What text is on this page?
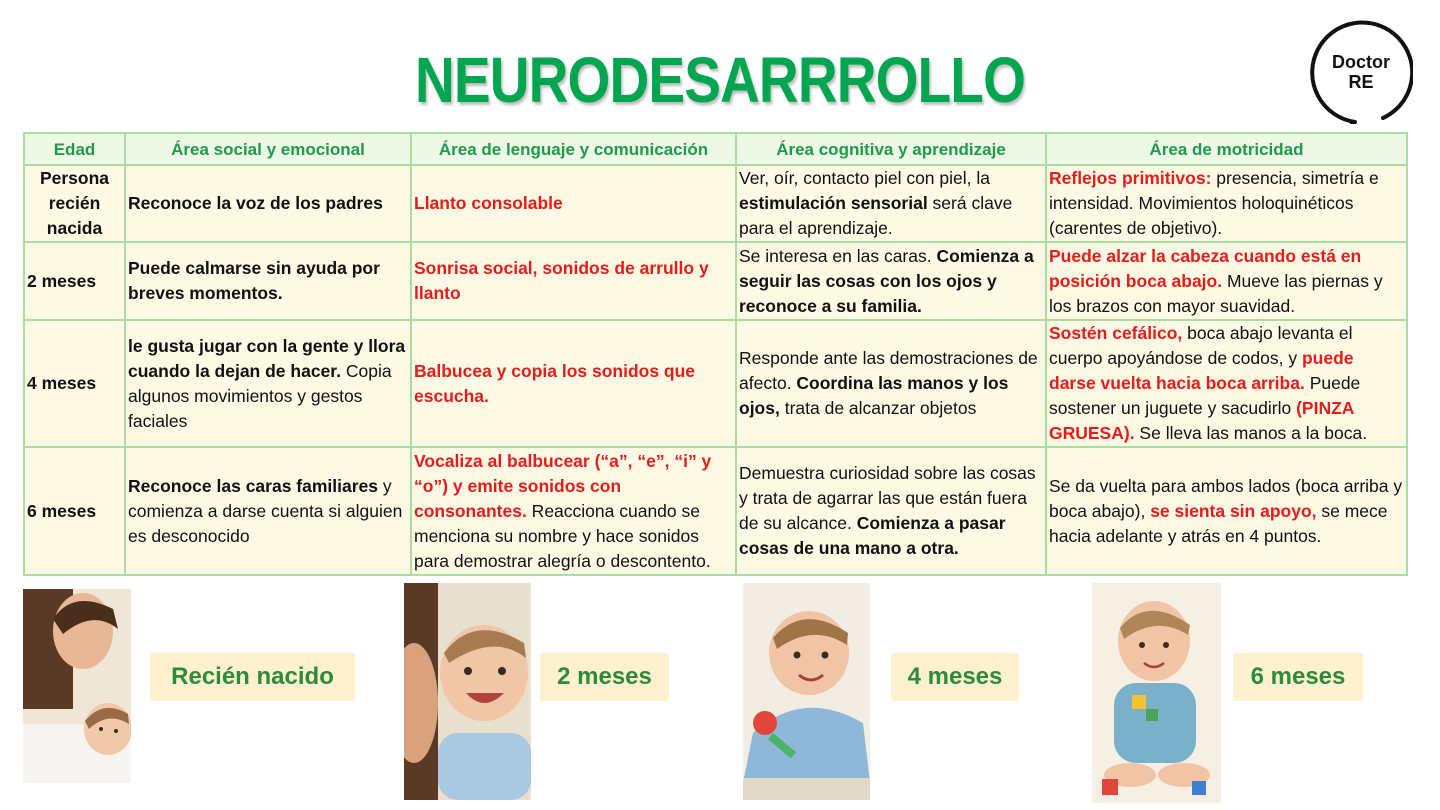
NEURODESARRROLLO	Doctor
RE
Edad	Área social y emocional	Área de lenguaje y comunicación	Área cognitiva y aprendizaje	Área de motricidad
Persona recién nacida	Reconoce la voz de los padres	Llanto consolable	Ver, oír, contacto piel con piel, la estimulación sensorial será clave para el aprendizaje.	Reflejos primitivos: presencia, simetría e intensidad. Movimientos holoquinéticos (carentes de objetivo).
2 meses	Puede calmarse sin ayuda por breves momentos.	Sonrisa social, sonidos de arrullo y llanto	Se interesa en las caras. Comienza a seguir las cosas con los ojos y reconoce a su familia.	Puede alzar la cabeza cuando está en posición boca abajo. Mueve las piernas y los brazos con mayor suavidad.
4 meses	le gusta jugar con la gente y llora cuando la dejan de hacer. Copia algunos movimientos y gestos faciales	Balbucea y copia los sonidos que escucha.	Responde ante las demostraciones de afecto. Coordina las manos y los ojos, trata de alcanzar objetos	Sostén cefálico, boca abajo levanta el cuerpo apoyándose de codos, y puede darse vuelta hacia boca arriba. Puede sostener un juguete y sacudirlo (PINZA GRUESA). Se lleva las manos a la boca.
6 meses	Reconoce las caras familiares y comienza a darse cuenta si alguien es desconocido	Vocaliza al balbucear (“a”, “e”, “i” y “o”) y emite sonidos con consonantes. Reacciona cuando se menciona su nombre y hace sonidos para demostrar alegría o descontento.	Demuestra curiosidad sobre las cosas y trata de agarrar las que están fuera de su alcance. Comienza a pasar cosas de una mano a otra.	Se da vuelta para ambos lados (boca arriba y boca abajo), se sienta sin apoyo, se mece hacia adelante y atrás en 4 puntos.
Recién nacido	2 meses	4 meses	6 meses
